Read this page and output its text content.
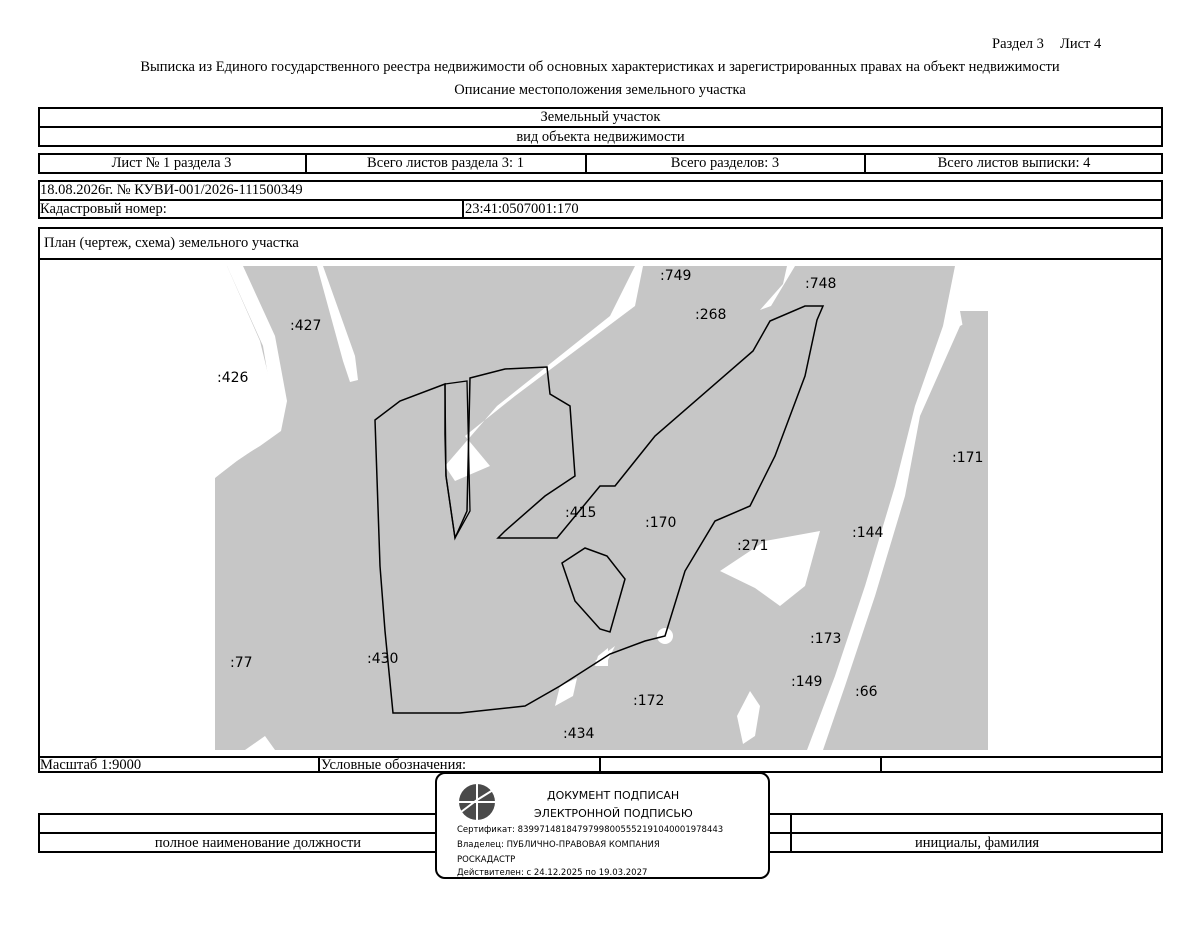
Раздел 3 Лист 4
Выписка из Единого государственного реестра недвижимости об основных характеристиках и зарегистрированных правах на объект недвижимости
Описание местоположения земельного участка
Земельный участок
вид объекта недвижимости
Лист № 1 раздела 3	Всего листов раздела 3: 1	Всего разделов: 3	Всего листов выписки: 4
18.08.2026г. № КУВИ-001/2026-111500349
Кадастровый номер:	23:41:0507001:170
План (чертеж, схема) земельного участка
:749	:748
:268
:427
:426
:171
:415
:170
:271
:144
:173
:430
:77
:149
:66
:172
:434
Масштаб 1:9000	Условные обозначения:
полное наименование должности	инициалы, фамилия
ДОКУМЕНТ ПОДПИСАН
ЭЛЕКТРОННОЙ ПОДПИСЬЮ
Сертификат: 83997148184797998005552191040001978443
Владелец: ПУБЛИЧНО-ПРАВОВАЯ КОМПАНИЯ
РОСКАДАСТР
Действителен: с 24.12.2025 по 19.03.2027
